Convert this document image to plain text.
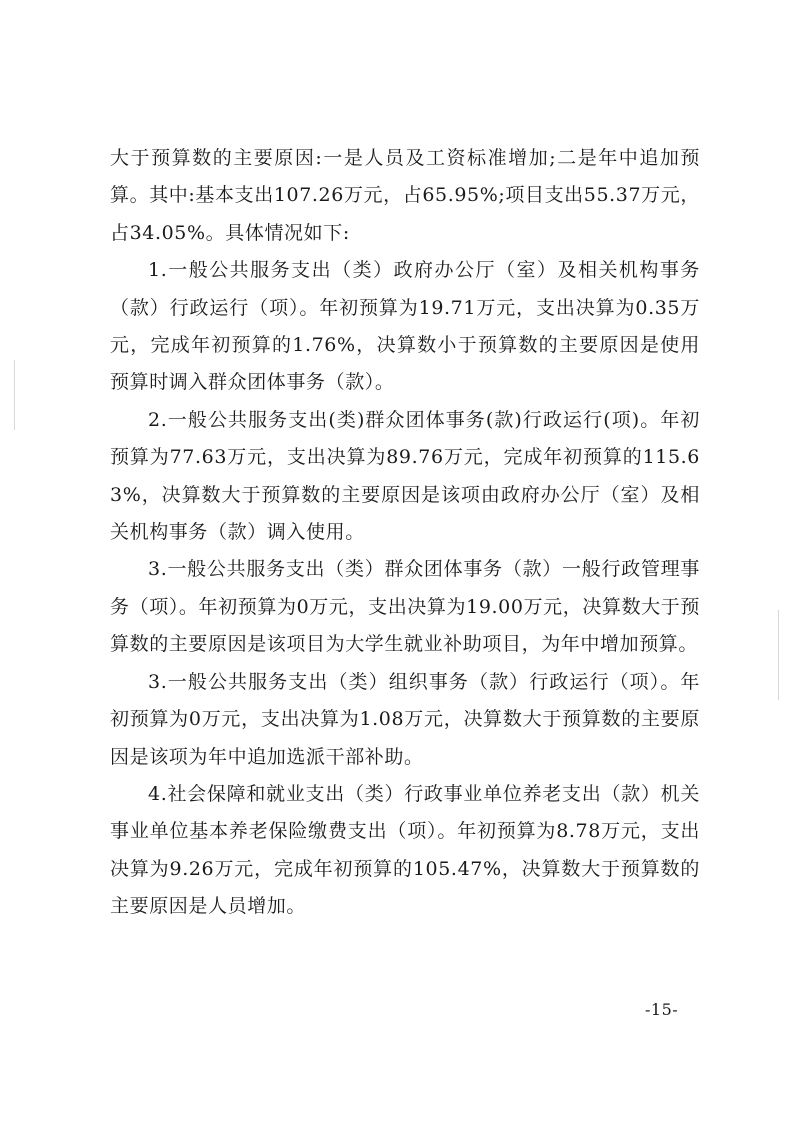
大于预算数的主要原因:一是人员及工资标准增加;二是年中追加预算。其中:基本支出107.26万元，占65.95%;项目支出55.37万元，占34.05%。具体情况如下:

1.一般公共服务支出（类）政府办公厅（室）及相关机构事务（款）行政运行（项）。年初预算为19.71万元，支出决算为0.35万元，完成年初预算的1.76%，决算数小于预算数的主要原因是使用预算时调入群众团体事务（款）。

2.一般公共服务支出(类)群众团体事务(款)行政运行(项)。年初预算为77.63万元，支出决算为89.76万元，完成年初预算的115.63%，决算数大于预算数的主要原因是该项由政府办公厅（室）及相关机构事务（款）调入使用。

3.一般公共服务支出（类）群众团体事务（款）一般行政管理事务（项）。年初预算为0万元，支出决算为19.00万元，决算数大于预算数的主要原因是该项目为大学生就业补助项目，为年中增加预算。

3.一般公共服务支出（类）组织事务（款）行政运行（项）。年初预算为0万元，支出决算为1.08万元，决算数大于预算数的主要原因是该项为年中追加选派干部补助。

4.社会保障和就业支出（类）行政事业单位养老支出（款）机关事业单位基本养老保险缴费支出（项）。年初预算为8.78万元，支出决算为9.26万元，完成年初预算的105.47%，决算数大于预算数的主要原因是人员增加。

-15-
